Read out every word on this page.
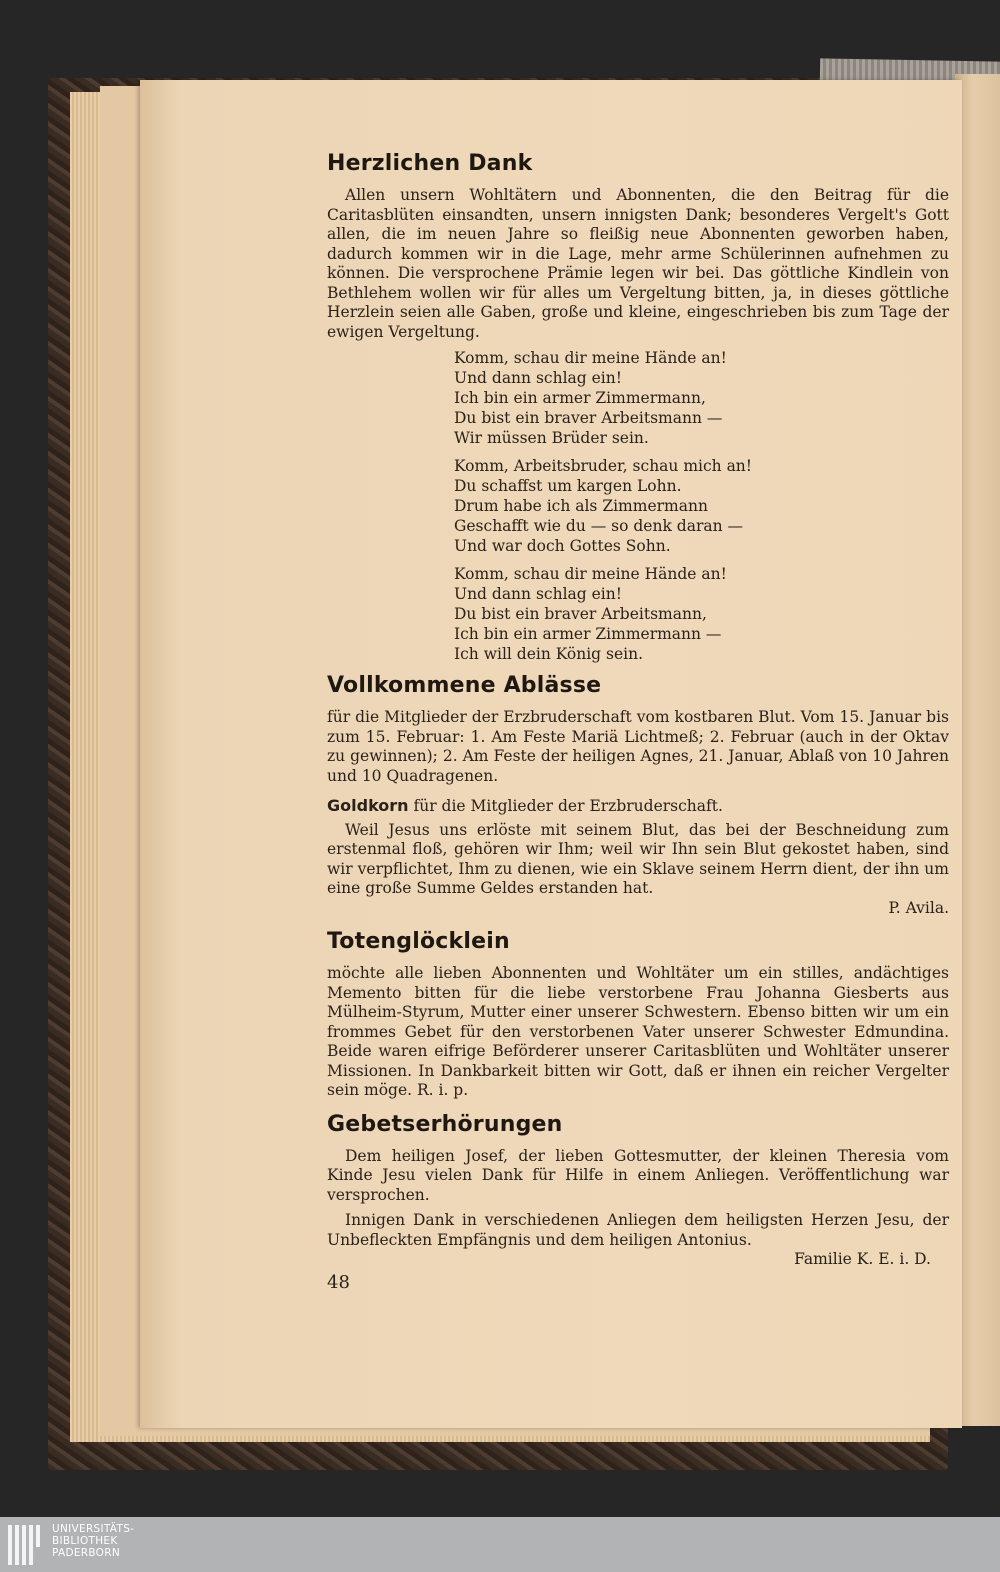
Herzlichen Dank

Allen unsern Wohltätern und Abonnenten, die den Beitrag für die Caritasblüten einsandten, unsern innigsten Dank; besonderes Vergelt's Gott allen, die im neuen Jahre so fleißig neue Abonnenten geworben haben, dadurch kommen wir in die Lage, mehr arme Schülerinnen aufnehmen zu können. Die versprochene Prämie legen wir bei. Das göttliche Kindlein von Bethlehem wollen wir für alles um Vergeltung bitten, ja, in dieses göttliche Herzlein seien alle Gaben, große und kleine, eingeschrieben bis zum Tage der ewigen Vergeltung.

Komm, schau dir meine Hände an!
Und dann schlag ein!
Ich bin ein armer Zimmermann,
Du bist ein braver Arbeitsmann —
Wir müssen Brüder sein.
Komm, Arbeitsbruder, schau mich an!
Du schaffst um kargen Lohn.
Drum habe ich als Zimmermann
Geschafft wie du — so denk daran —
Und war doch Gottes Sohn.
Komm, schau dir meine Hände an!
Und dann schlag ein!
Du bist ein braver Arbeitsmann,
Ich bin ein armer Zimmermann —
Ich will dein König sein.
Vollkommene Ablässe

für die Mitglieder der Erzbruderschaft vom kostbaren Blut. Vom 15. Januar bis zum 15. Februar: 1. Am Feste Mariä Lichtmeß; 2. Februar (auch in der Oktav zu gewinnen); 2. Am Feste der heiligen Agnes, 21. Januar, Ablaß von 10 Jahren und 10 Quadragenen.

Goldkorn für die Mitglieder der Erzbruderschaft.

Weil Jesus uns erlöste mit seinem Blut, das bei der Beschneidung zum erstenmal floß, gehören wir Ihm; weil wir Ihn sein Blut gekostet haben, sind wir verpflichtet, Ihm zu dienen, wie ein Sklave seinem Herrn dient, der ihn um eine große Summe Geldes erstanden hat.

P. Avila.

Totenglöcklein

möchte alle lieben Abonnenten und Wohltäter um ein stilles, andächtiges Memento bitten für die liebe verstorbene Frau Johanna Giesberts aus Mülheim-Styrum, Mutter einer unserer Schwestern. Ebenso bitten wir um ein frommes Gebet für den verstorbenen Vater unserer Schwester Edmundina. Beide waren eifrige Beförderer unserer Caritasblüten und Wohltäter unserer Missionen. In Dankbarkeit bitten wir Gott, daß er ihnen ein reicher Vergelter sein möge. R. i. p.

Gebetserhörungen

Dem heiligen Josef, der lieben Gottesmutter, der kleinen Theresia vom Kinde Jesu vielen Dank für Hilfe in einem Anliegen. Veröffentlichung war versprochen.

Innigen Dank in verschiedenen Anliegen dem heiligsten Herzen Jesu, der Unbefleckten Empfängnis und dem heiligen Antonius.

Familie K. E. i. D.

48
UNIVERSITÄTS-
BIBLIOTHEK
PADERBORN
